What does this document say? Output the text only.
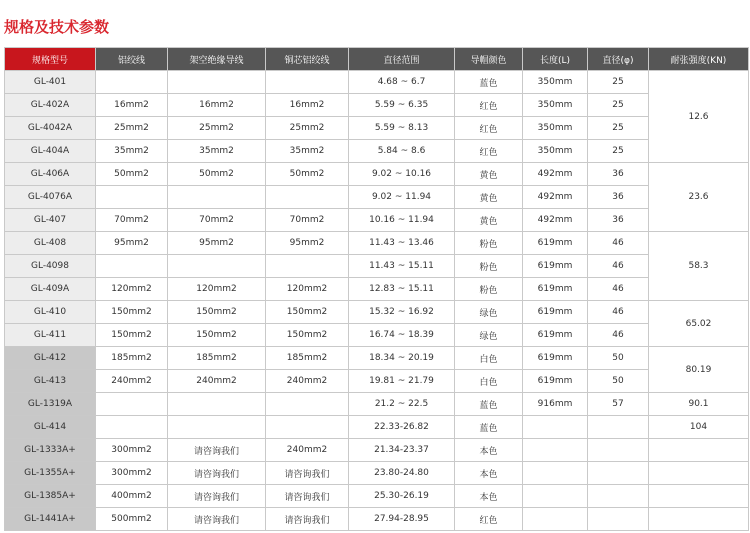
规格及技术参数
规格型号	铝绞线	架空绝缘导线	铜芯铝绞线	直径范围	导帽颜色	长度(L)	直径(φ)	耐张强度(KN)
GL-401				4.68 ~ 6.7	蓝色	350mm	25	12.6
GL-402A	16mm2	16mm2	16mm2	5.59 ~ 6.35	红色	350mm	25	
GL-4042A	25mm2	25mm2	25mm2	5.59 ~ 8.13	红色	350mm	25	
GL-404A	35mm2	35mm2	35mm2	5.84 ~ 8.6	红色	350mm	25	
GL-406A	50mm2	50mm2	50mm2	9.02 ~ 10.16	黄色	492mm	36	23.6
GL-4076A				9.02 ~ 11.94	黄色	492mm	36	
GL-407	70mm2	70mm2	70mm2	10.16 ~ 11.94	黄色	492mm	36	
GL-408	95mm2	95mm2	95mm2	11.43 ~ 13.46	粉色	619mm	46	58.3
GL-4098				11.43 ~ 15.11	粉色	619mm	46	
GL-409A	120mm2	120mm2	120mm2	12.83 ~ 15.11	粉色	619mm	46	
GL-410	150mm2	150mm2	150mm2	15.32 ~ 16.92	绿色	619mm	46	65.02
GL-411	150mm2	150mm2	150mm2	16.74 ~ 18.39	绿色	619mm	46	
GL-412	185mm2	185mm2	185mm2	18.34 ~ 20.19	白色	619mm	50	80.19
GL-413	240mm2	240mm2	240mm2	19.81 ~ 21.79	白色	619mm	50	
GL-1319A				21.2 ~ 22.5	蓝色	916mm	57	90.1
GL-414				22.33-26.82	蓝色			104
GL-1333A+	300mm2	请咨询我们	240mm2	21.34-23.37	本色			
GL-1355A+	300mm2	请咨询我们	请咨询我们	23.80-24.80	本色			
GL-1385A+	400mm2	请咨询我们	请咨询我们	25.30-26.19	本色			
GL-1441A+	500mm2	请咨询我们	请咨询我们	27.94-28.95	红色			
